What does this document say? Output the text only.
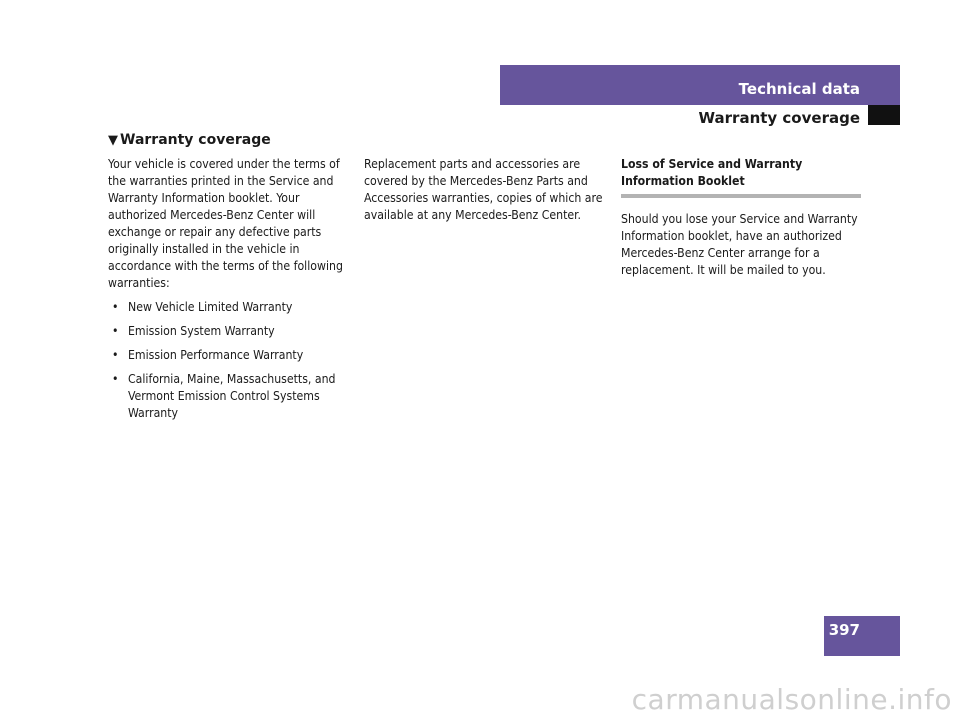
Technical data
Warranty coverage
▼ Warranty coverage

Your vehicle is covered under the terms of the warranties printed in the Service and Warranty Information booklet. Your authorized Mercedes-Benz Center will exchange or repair any defective parts originally installed in the vehicle in accordance with the terms of the following warranties:

• New Vehicle Limited Warranty
• Emission System Warranty
• Emission Performance Warranty
• California, Maine, Massachusetts, and Vermont Emission Control Systems Warranty

Replacement parts and accessories are covered by the Mercedes-Benz Parts and Accessories warranties, copies of which are available at any Mercedes-Benz Center.

Loss of Service and Warranty Information Booklet

Should you lose your Service and Warranty Information booklet, have an authorized Mercedes-Benz Center arrange for a replacement. It will be mailed to you.

397
carmanualsonline.info
